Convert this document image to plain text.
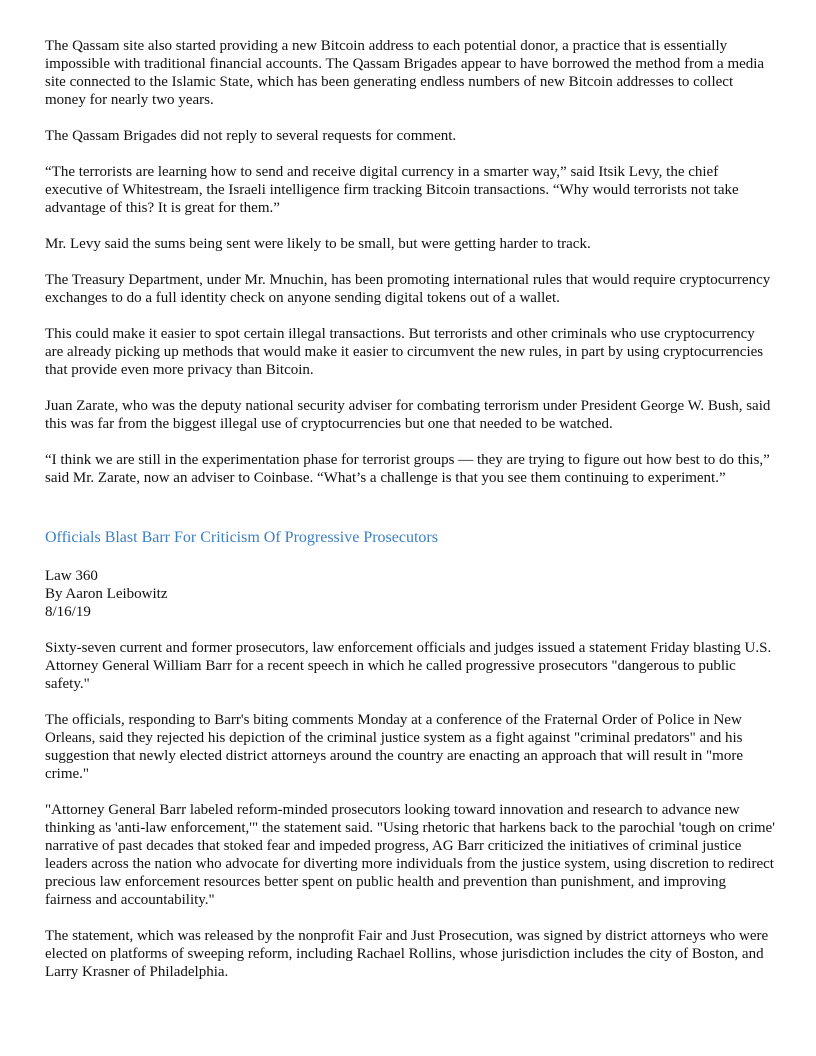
The Qassam site also started providing a new Bitcoin address to each potential donor, a practice that is essentially impossible with traditional financial accounts. The Qassam Brigades appear to have borrowed the method from a media site connected to the Islamic State, which has been generating endless numbers of new Bitcoin addresses to collect money for nearly two years.

The Qassam Brigades did not reply to several requests for comment.

“The terrorists are learning how to send and receive digital currency in a smarter way,” said Itsik Levy, the chief executive of Whitestream, the Israeli intelligence firm tracking Bitcoin transactions. “Why would terrorists not take advantage of this? It is great for them.”

Mr. Levy said the sums being sent were likely to be small, but were getting harder to track.

The Treasury Department, under Mr. Mnuchin, has been promoting international rules that would require cryptocurrency exchanges to do a full identity check on anyone sending digital tokens out of a wallet.

This could make it easier to spot certain illegal transactions. But terrorists and other criminals who use cryptocurrency are already picking up methods that would make it easier to circumvent the new rules, in part by using cryptocurrencies that provide even more privacy than Bitcoin.

Juan Zarate, who was the deputy national security adviser for combating terrorism under President George W. Bush, said this was far from the biggest illegal use of cryptocurrencies but one that needed to be watched.

“I think we are still in the experimentation phase for terrorist groups — they are trying to figure out how best to do this,” said Mr. Zarate, now an adviser to Coinbase. “What’s a challenge is that you see them continuing to experiment.”

Officials Blast Barr For Criticism Of Progressive Prosecutors
Law 360
By Aaron Leibowitz
8/16/19

Sixty-seven current and former prosecutors, law enforcement officials and judges issued a statement Friday blasting U.S. Attorney General William Barr for a recent speech in which he called progressive prosecutors "dangerous to public safety."

The officials, responding to Barr's biting comments Monday at a conference of the Fraternal Order of Police in New Orleans, said they rejected his depiction of the criminal justice system as a fight against "criminal predators" and his suggestion that newly elected district attorneys around the country are enacting an approach that will result in "more crime."

"Attorney General Barr labeled reform-minded prosecutors looking toward innovation and research to advance new thinking as 'anti-law enforcement,'" the statement said. "Using rhetoric that harkens back to the parochial 'tough on crime' narrative of past decades that stoked fear and impeded progress, AG Barr criticized the initiatives of criminal justice leaders across the nation who advocate for diverting more individuals from the justice system, using discretion to redirect precious law enforcement resources better spent on public health and prevention than punishment, and improving fairness and accountability."

The statement, which was released by the nonprofit Fair and Just Prosecution, was signed by district attorneys who were elected on platforms of sweeping reform, including Rachael Rollins, whose jurisdiction includes the city of Boston, and Larry Krasner of Philadelphia.
